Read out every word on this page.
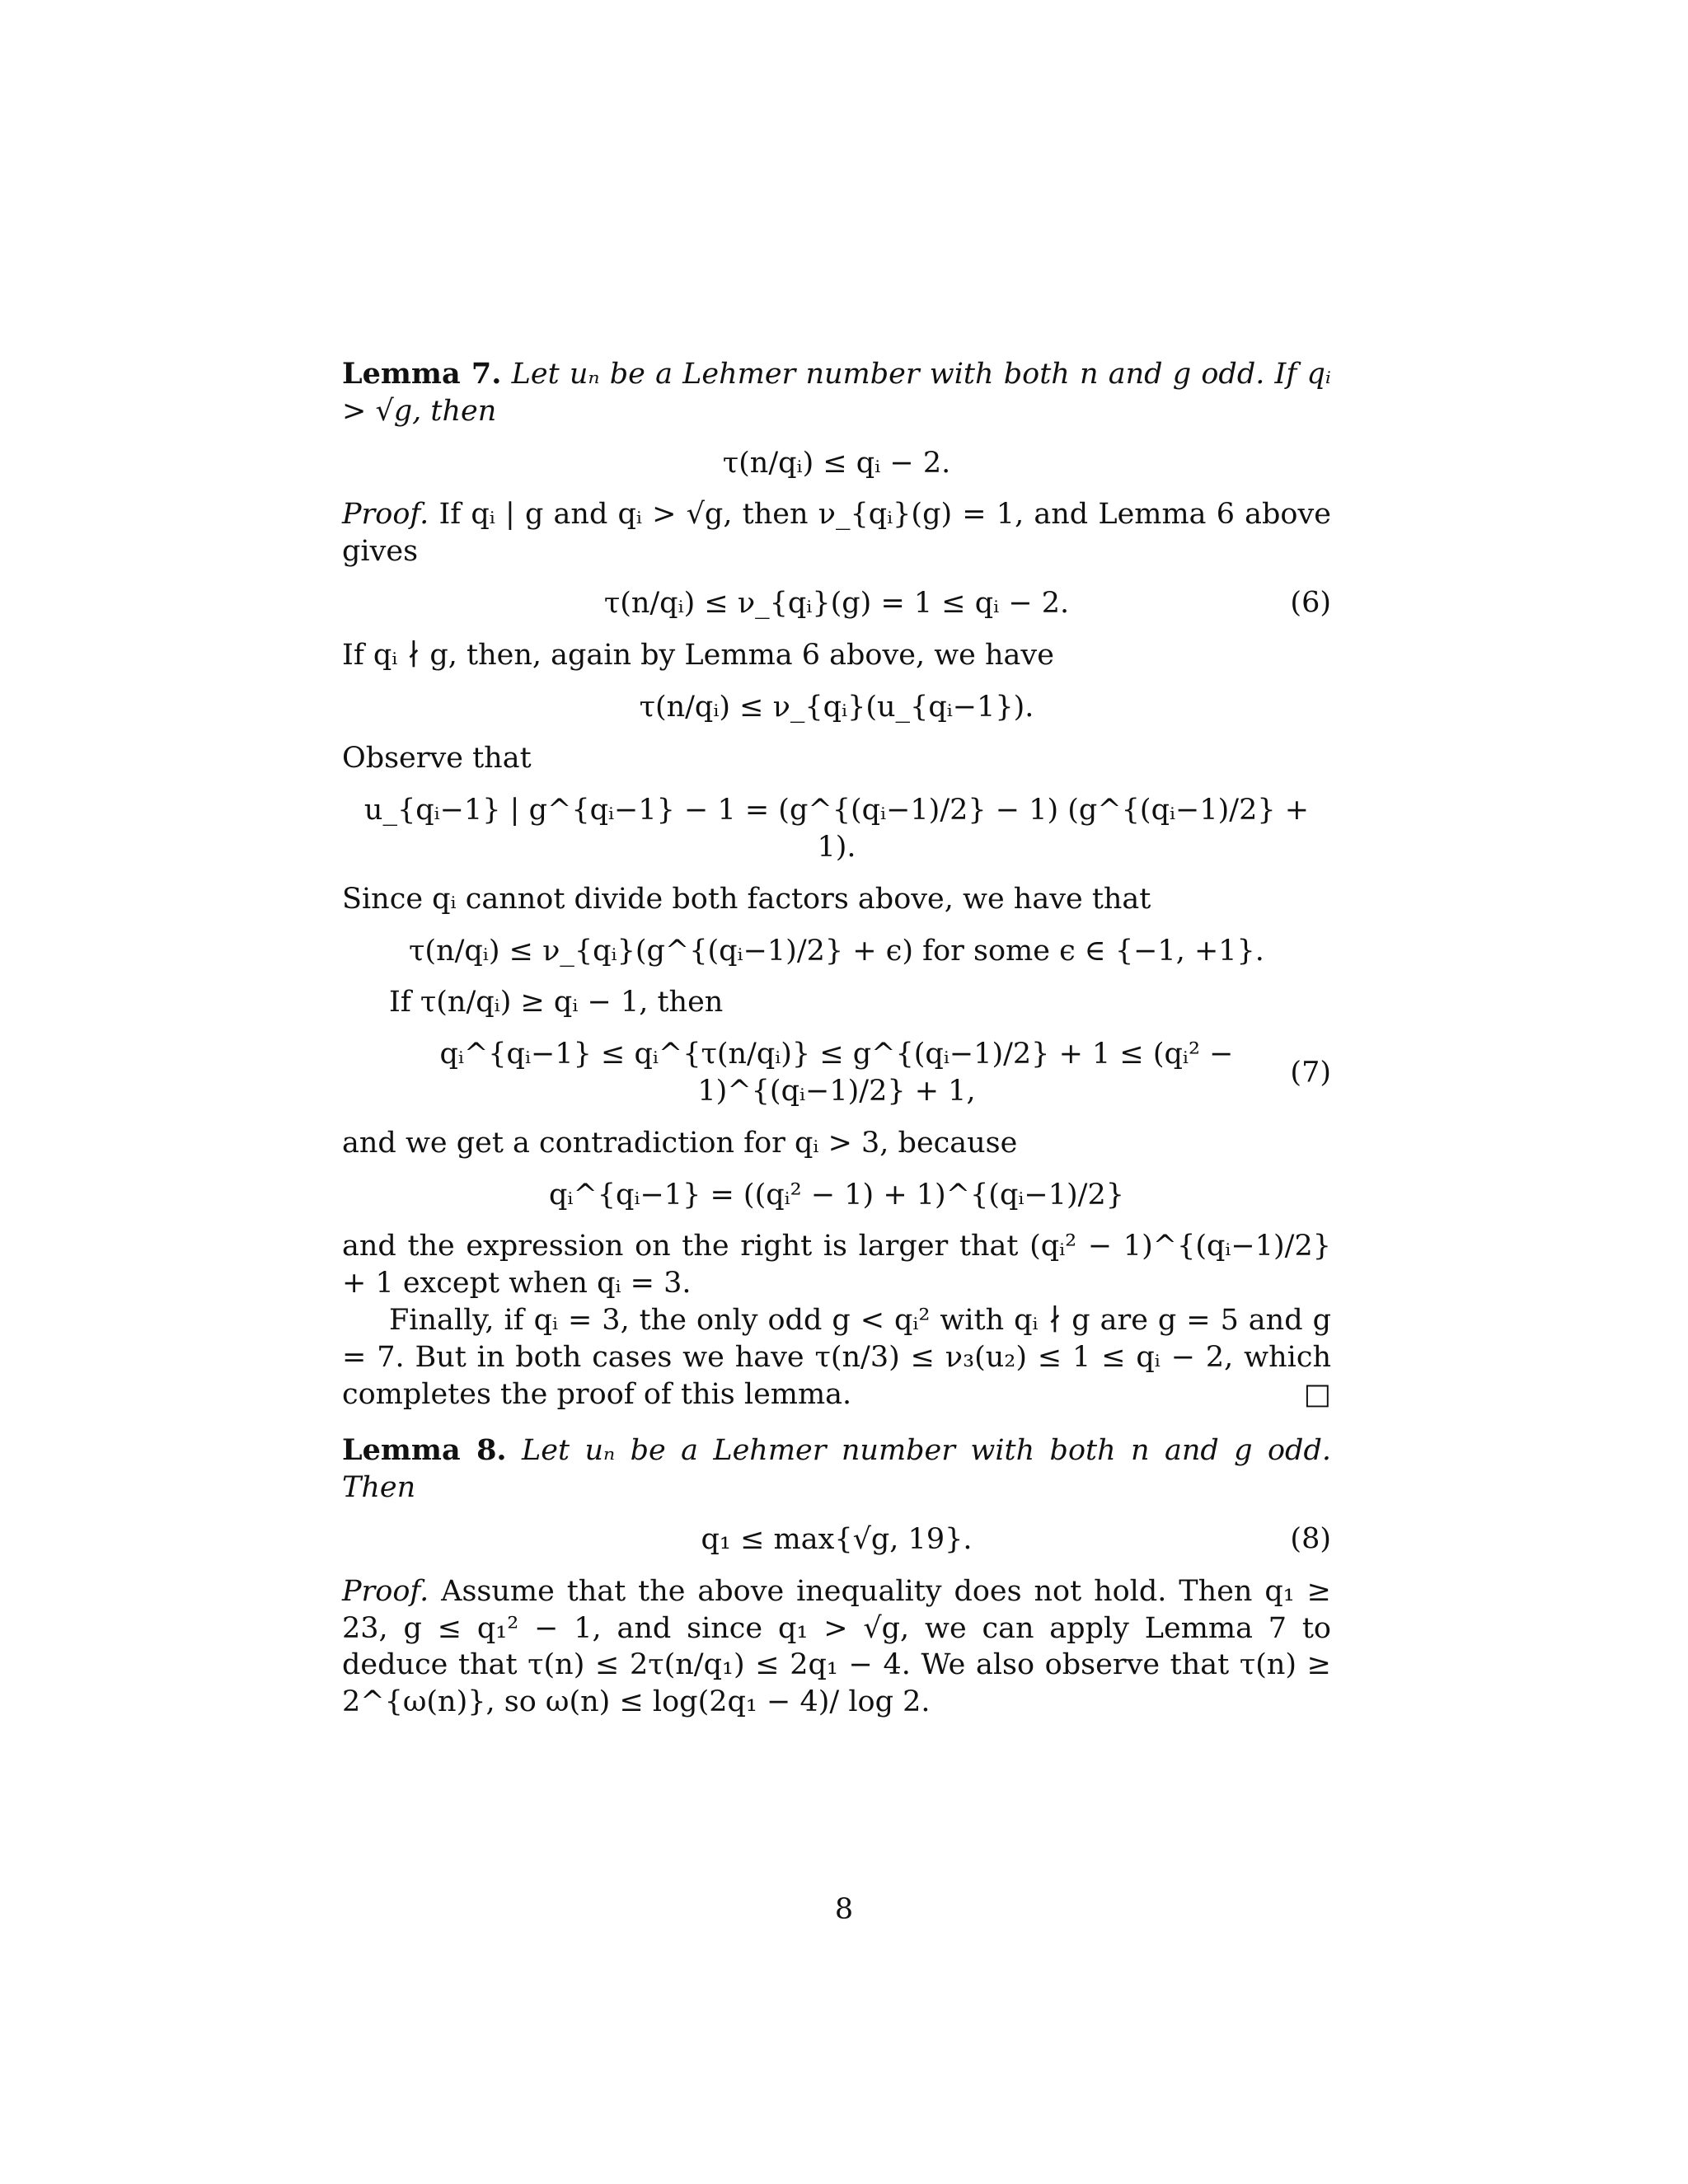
Lemma 7. Let uₙ be a Lehmer number with both n and g odd. If qᵢ > √g, then

τ(n/qᵢ) ≤ qᵢ − 2.

Proof. If qᵢ | g and qᵢ > √g, then ν_{qᵢ}(g) = 1, and Lemma 6 above gives

τ(n/qᵢ) ≤ ν_{qᵢ}(g) = 1 ≤ qᵢ − 2.	(6)

If qᵢ ∤ g, then, again by Lemma 6 above, we have

τ(n/qᵢ) ≤ ν_{qᵢ}(u_{qᵢ−1}).

Observe that

u_{qᵢ−1} | g^{qᵢ−1} − 1 = (g^{(qᵢ−1)/2} − 1) (g^{(qᵢ−1)/2} + 1).

Since qᵢ cannot divide both factors above, we have that

τ(n/qᵢ) ≤ ν_{qᵢ}(g^{(qᵢ−1)/2} + ϵ) for some ϵ ∈ {−1, +1}.

If τ(n/qᵢ) ≥ qᵢ − 1, then

qᵢ^{qᵢ−1} ≤ qᵢ^{τ(n/qᵢ)} ≤ g^{(qᵢ−1)/2} + 1 ≤ (qᵢ² − 1)^{(qᵢ−1)/2} + 1,
(7)

and we get a contradiction for qᵢ > 3, because

qᵢ^{qᵢ−1} = ((qᵢ² − 1) + 1)^{(qᵢ−1)/2}

and the expression on the right is larger that (qᵢ² − 1)^{(qᵢ−1)/2} + 1 except when qᵢ = 3.

Finally, if qᵢ = 3, the only odd g < qᵢ² with qᵢ ∤ g are g = 5 and g = 7. But in both cases we have τ(n/3) ≤ ν₃(u₂) ≤ 1 ≤ qᵢ − 2, which completes the proof of this lemma.	□

Lemma 8. Let uₙ be a Lehmer number with both n and g odd. Then

q₁ ≤ max{√g, 19}.	(8)

Proof. Assume that the above inequality does not hold. Then q₁ ≥ 23, g ≤ q₁² − 1, and since q₁ > √g, we can apply Lemma 7 to deduce that τ(n) ≤ 2τ(n/q₁) ≤ 2q₁ − 4. We also observe that τ(n) ≥ 2^{ω(n)}, so ω(n) ≤ log(2q₁ − 4)/ log 2.

8
